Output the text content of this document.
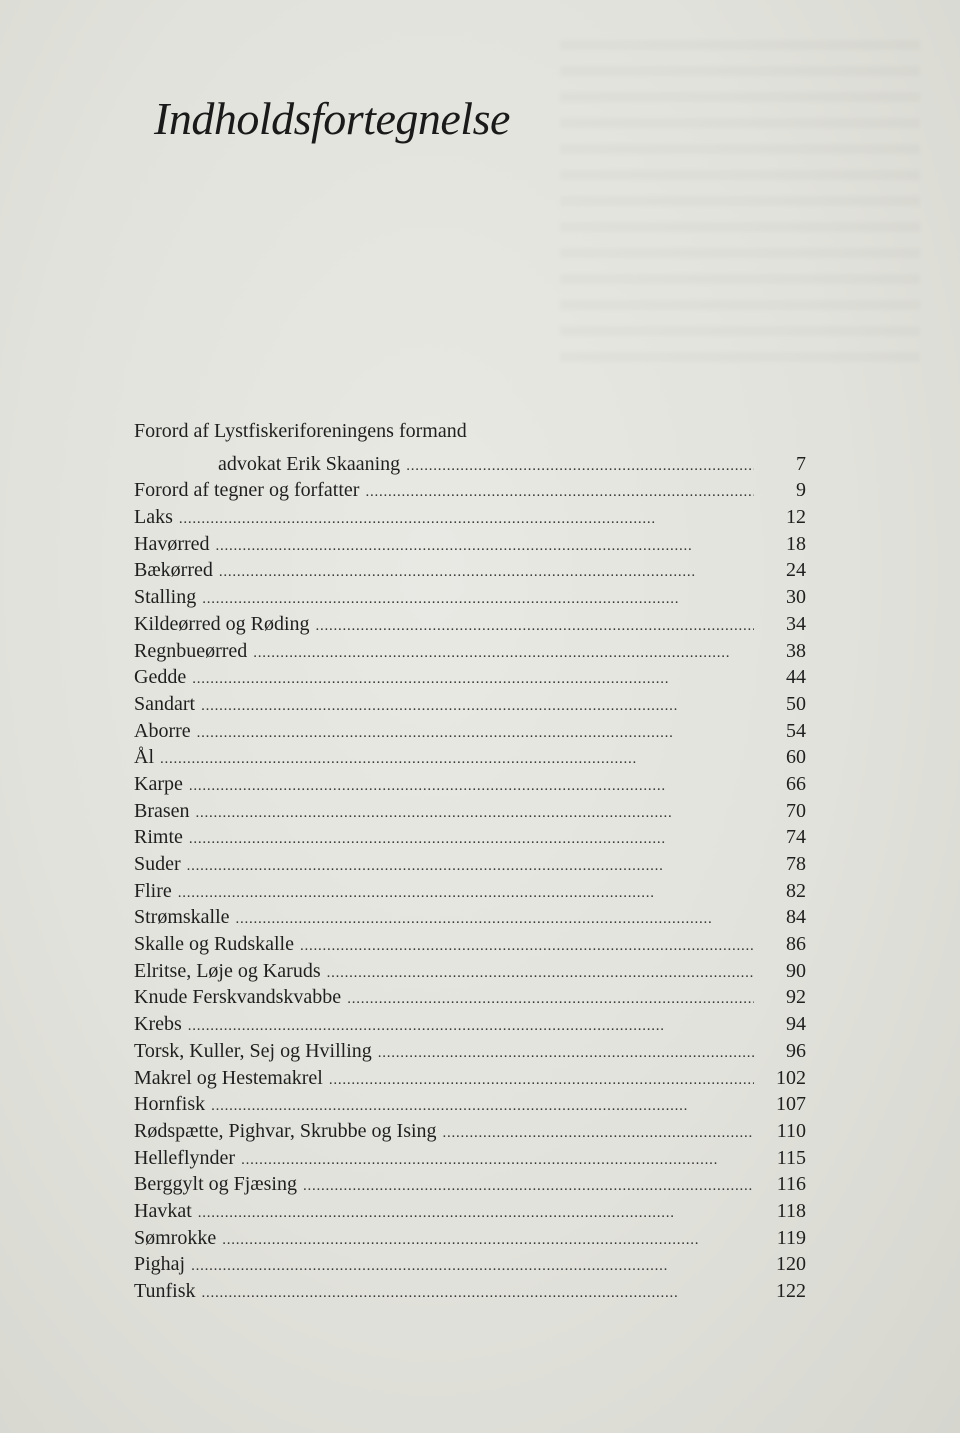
Indholdsfortegnelse
Forord af Lystfiskeriforeningens formand
advokat Erik Skaaning . . .	7
Forord af tegner og forfatter . . .	9
Laks . . .	12
Havørred . . .	18
Bækørred . . .	24
Stalling . . .	30
Kildeørred og Røding . . .	34
Regnbueørred . . .	38
Gedde . . .	44
Sandart . . .	50
Aborre . . .	54
Ål . . .	60
Karpe . . .	66
Brasen . . .	70
Rimte . . .	74
Suder . . .	78
Flire . . .	82
Strømskalle . . .	84
Skalle og Rudskalle . . .	86
Elritse, Løje og Karuds . . .	90
Knude Ferskvandskvabbe . . .	92
Krebs . . .	94
Torsk, Kuller, Sej og Hvilling . . .	96
Makrel og Hestemakrel . . .	102
Hornfisk . . .	107
Rødspætte, Pighvar, Skrubbe og Ising . . .	110
Helleflynder . . .	115
Berggylt og Fjæsing . . .	116
Havkat . . .	118
Sømrokke . . .	119
Pighaj . . .	120
Tunfisk . . .	122
